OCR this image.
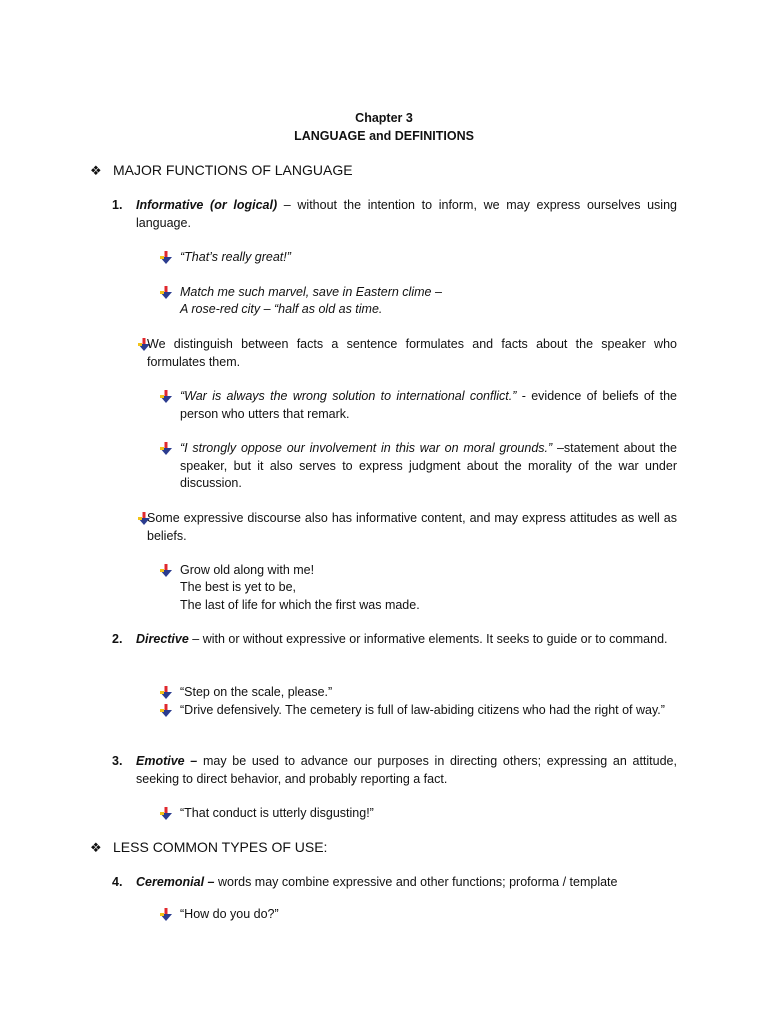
Chapter 3
LANGUAGE and DEFINITIONS
❖ MAJOR FUNCTIONS OF LANGUAGE
1. Informative (or logical) – without the intention to inform, we may express ourselves using language.
“That’s really great!”
Match me such marvel, save in Eastern clime –
A rose-red city – “half as old as time.
We distinguish between facts a sentence formulates and facts about the speaker who formulates them.
“War is always the wrong solution to international conflict.” - evidence of beliefs of the person who utters that remark.
“I strongly oppose our involvement in this war on moral grounds.” –statement about the speaker, but it also serves to express judgment about the morality of the war under discussion.
Some expressive discourse also has informative content, and may express attitudes as well as beliefs.
Grow old along with me!
The best is yet to be,
The last of life for which the first was made.
2. Directive – with or without expressive or informative elements. It seeks to guide or to command.
“Step on the scale, please.”
“Drive defensively. The cemetery is full of law-abiding citizens who had the right of way.”
3. Emotive – may be used to advance our purposes in directing others; expressing an attitude, seeking to direct behavior, and probably reporting a fact.
“That conduct is utterly disgusting!”
❖ LESS COMMON TYPES OF USE:
4. Ceremonial – words may combine expressive and other functions; proforma / template
“How do you do?”
